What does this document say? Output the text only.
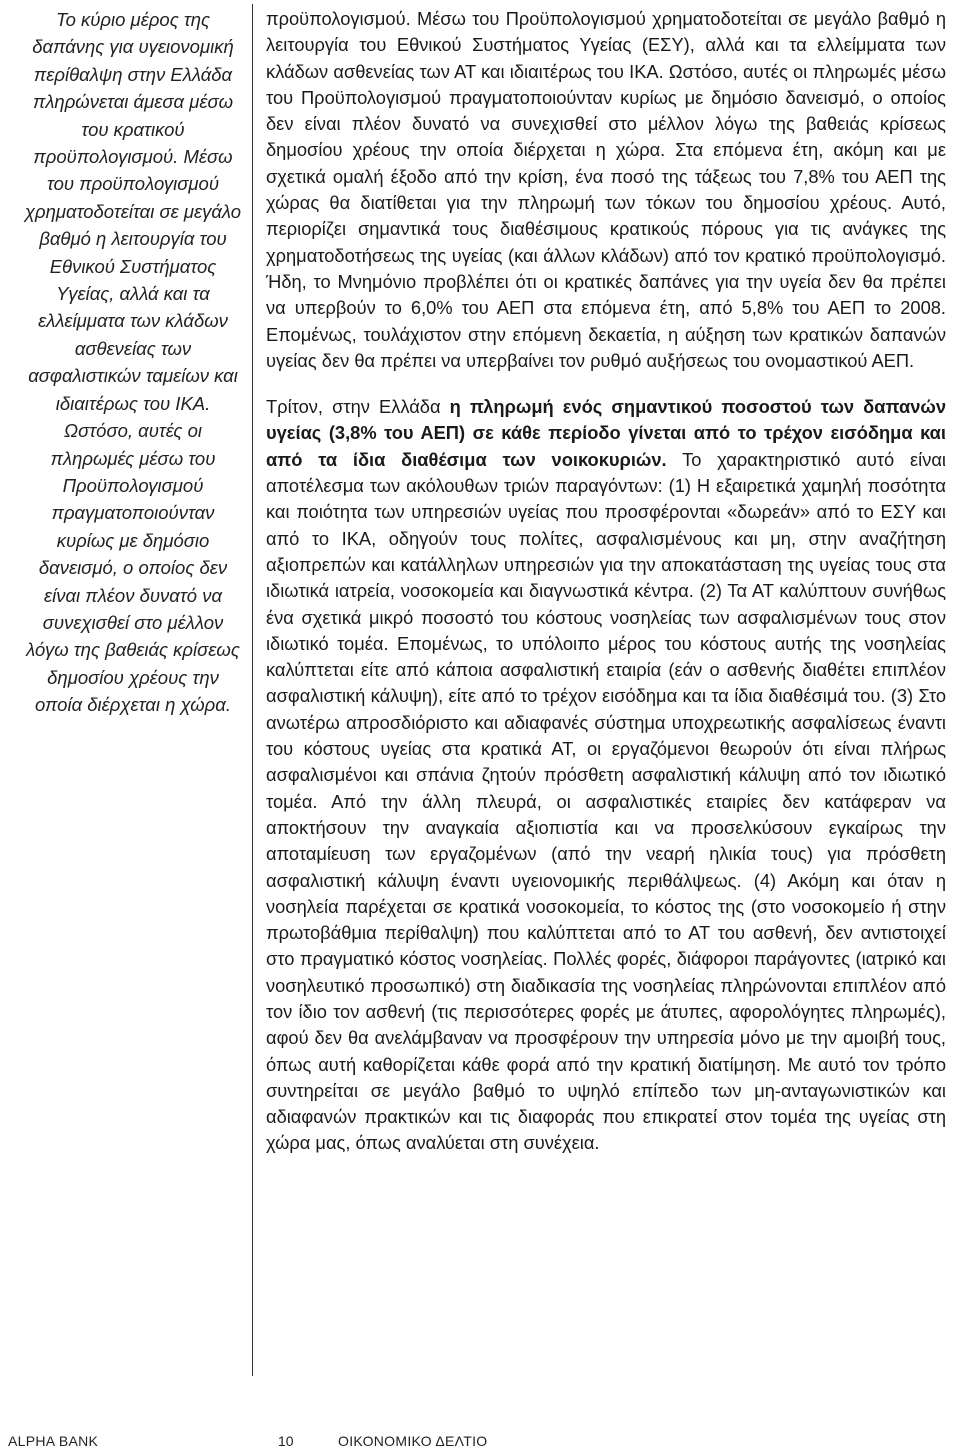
Το κύριο μέρος της δαπάνης για υγειονομική περίθαλψη στην Ελλάδα πληρώνεται άμεσα μέσω του κρατικού προϋπολογισμού. Μέσω του προϋπολογισμού χρηματοδοτείται σε μεγάλο βαθμό η λειτουργία του Εθνικού Συστήματος Υγείας, αλλά και τα ελλείμματα των κλάδων ασθενείας των ασφαλιστικών ταμείων και ιδιαιτέρως του ΙΚΑ. Ωστόσο, αυτές οι πληρωμές μέσω του Προϋπολογισμού πραγματοποιούνταν κυρίως με δημόσιο δανεισμό, ο οποίος δεν είναι πλέον δυνατό να συνεχισθεί στο μέλλον λόγω της βαθειάς κρίσεως δημοσίου χρέους την οποία διέρχεται η χώρα.

προϋπολογισμού. Μέσω του Προϋπολογισμού χρηματοδοτείται σε μεγάλο βαθμό η λειτουργία του Εθνικού Συστήματος Υγείας (ΕΣΥ), αλλά και τα ελλείμματα των κλάδων ασθενείας των ΑΤ και ιδιαιτέρως του ΙΚΑ. Ωστόσο, αυτές οι πληρωμές μέσω του Προϋπολογισμού πραγματοποιούνταν κυρίως με δημόσιο δανεισμό, ο οποίος δεν είναι πλέον δυνατό να συνεχισθεί στο μέλλον λόγω της βαθειάς κρίσεως δημοσίου χρέους την οποία διέρχεται η χώρα. Στα επόμενα έτη, ακόμη και με σχετικά ομαλή έξοδο από την κρίση, ένα ποσό της τάξεως του 7,8% του ΑΕΠ της χώρας θα διατίθεται για την πληρωμή των τόκων του δημοσίου χρέους. Αυτό, περιορίζει σημαντικά τους διαθέσιμους κρατικούς πόρους για τις ανάγκες της χρηματοδοτήσεως της υγείας (και άλλων κλάδων) από τον κρατικό προϋπολογισμό. Ήδη, το Μνημόνιο προβλέπει ότι οι κρατικές δαπάνες για την υγεία δεν θα πρέπει να υπερβούν το 6,0% του ΑΕΠ στα επόμενα έτη, από 5,8% του ΑΕΠ το 2008. Επομένως, τουλάχιστον στην επόμενη δεκαετία, η αύξηση των κρατικών δαπανών υγείας δεν θα πρέπει να υπερβαίνει τον ρυθμό αυξήσεως του ονομαστικού ΑΕΠ.

Τρίτον, στην Ελλάδα η πληρωμή ενός σημαντικού ποσοστού των δαπανών υγείας (3,8% του ΑΕΠ) σε κάθε περίοδο γίνεται από το τρέχον εισόδημα και από τα ίδια διαθέσιμα των νοικοκυριών. Το χαρακτηριστικό αυτό είναι αποτέλεσμα των ακόλουθων τριών παραγόντων: (1) Η εξαιρετικά χαμηλή ποσότητα και ποιότητα των υπηρεσιών υγείας που προσφέρονται «δωρεάν» από το ΕΣΥ και από το ΙΚΑ, οδηγούν τους πολίτες, ασφαλισμένους και μη, στην αναζήτηση αξιοπρεπών και κατάλληλων υπηρεσιών για την αποκατάσταση της υγείας τους στα ιδιωτικά ιατρεία, νοσοκομεία και διαγνωστικά κέντρα. (2) Τα ΑΤ καλύπτουν συνήθως ένα σχετικά μικρό ποσοστό του κόστους νοσηλείας των ασφαλισμένων τους στον ιδιωτικό τομέα. Επομένως, το υπόλοιπο μέρος του κόστους αυτής της νοσηλείας καλύπτεται είτε από κάποια ασφαλιστική εταιρία (εάν ο ασθενής διαθέτει επιπλέον ασφαλιστική κάλυψη), είτε από το τρέχον εισόδημα και τα ίδια διαθέσιμά του. (3) Στο ανωτέρω απροσδιόριστο και αδιαφανές σύστημα υποχρεωτικής ασφαλίσεως έναντι του κόστους υγείας στα κρατικά ΑΤ, οι εργαζόμενοι θεωρούν ότι είναι πλήρως ασφαλισμένοι και σπάνια ζητούν πρόσθετη ασφαλιστική κάλυψη από τον ιδιωτικό τομέα. Από την άλλη πλευρά, οι ασφαλιστικές εταιρίες δεν κατάφεραν να αποκτήσουν την αναγκαία αξιοπιστία και να προσελκύσουν εγκαίρως την αποταμίευση των εργαζομένων (από την νεαρή ηλικία τους) για πρόσθετη ασφαλιστική κάλυψη έναντι υγειονομικής περιθάλψεως. (4) Ακόμη και όταν η νοσηλεία παρέχεται σε κρατικά νοσοκομεία, το κόστος της (στο νοσοκομείο ή στην πρωτοβάθμια περίθαλψη) που καλύπτεται από το ΑΤ του ασθενή, δεν αντιστοιχεί στο πραγματικό κόστος νοσηλείας. Πολλές φορές, διάφοροι παράγοντες (ιατρικό και νοσηλευτικό προσωπικό) στη διαδικασία της νοσηλείας πληρώνονται επιπλέον από τον ίδιο τον ασθενή (τις περισσότερες φορές με άτυπες, αφορολόγητες πληρωμές), αφού δεν θα ανελάμβαναν να προσφέρουν την υπηρεσία μόνο με την αμοιβή τους, όπως αυτή καθορίζεται κάθε φορά από την κρατική διατίμηση. Με αυτό τον τρόπο συντηρείται σε μεγάλο βαθμό το υψηλό επίπεδο των μη-ανταγωνιστικών και αδιαφανών πρακτικών και τις διαφοράς που επικρατεί στον τομέα της υγείας στη χώρα μας, όπως αναλύεται στη συνέχεια.

ALPHA BANK	10	ΟΙΚΟΝΟΜΙΚΟ ΔΕΛΤΙΟ
